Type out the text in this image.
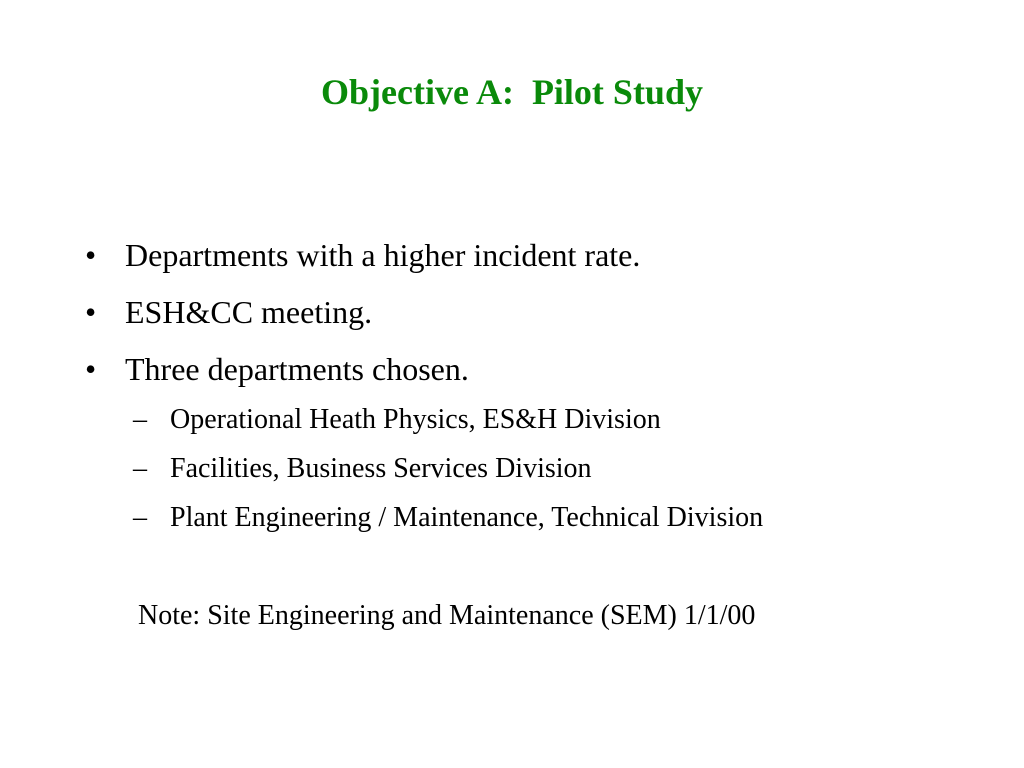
Objective A:  Pilot Study
• Departments with a higher incident rate.
• ESH&CC meeting.
• Three departments chosen.
– Operational Heath Physics, ES&H Division
– Facilities, Business Services Division
– Plant Engineering / Maintenance, Technical Division
Note: Site Engineering and Maintenance (SEM) 1/1/00
